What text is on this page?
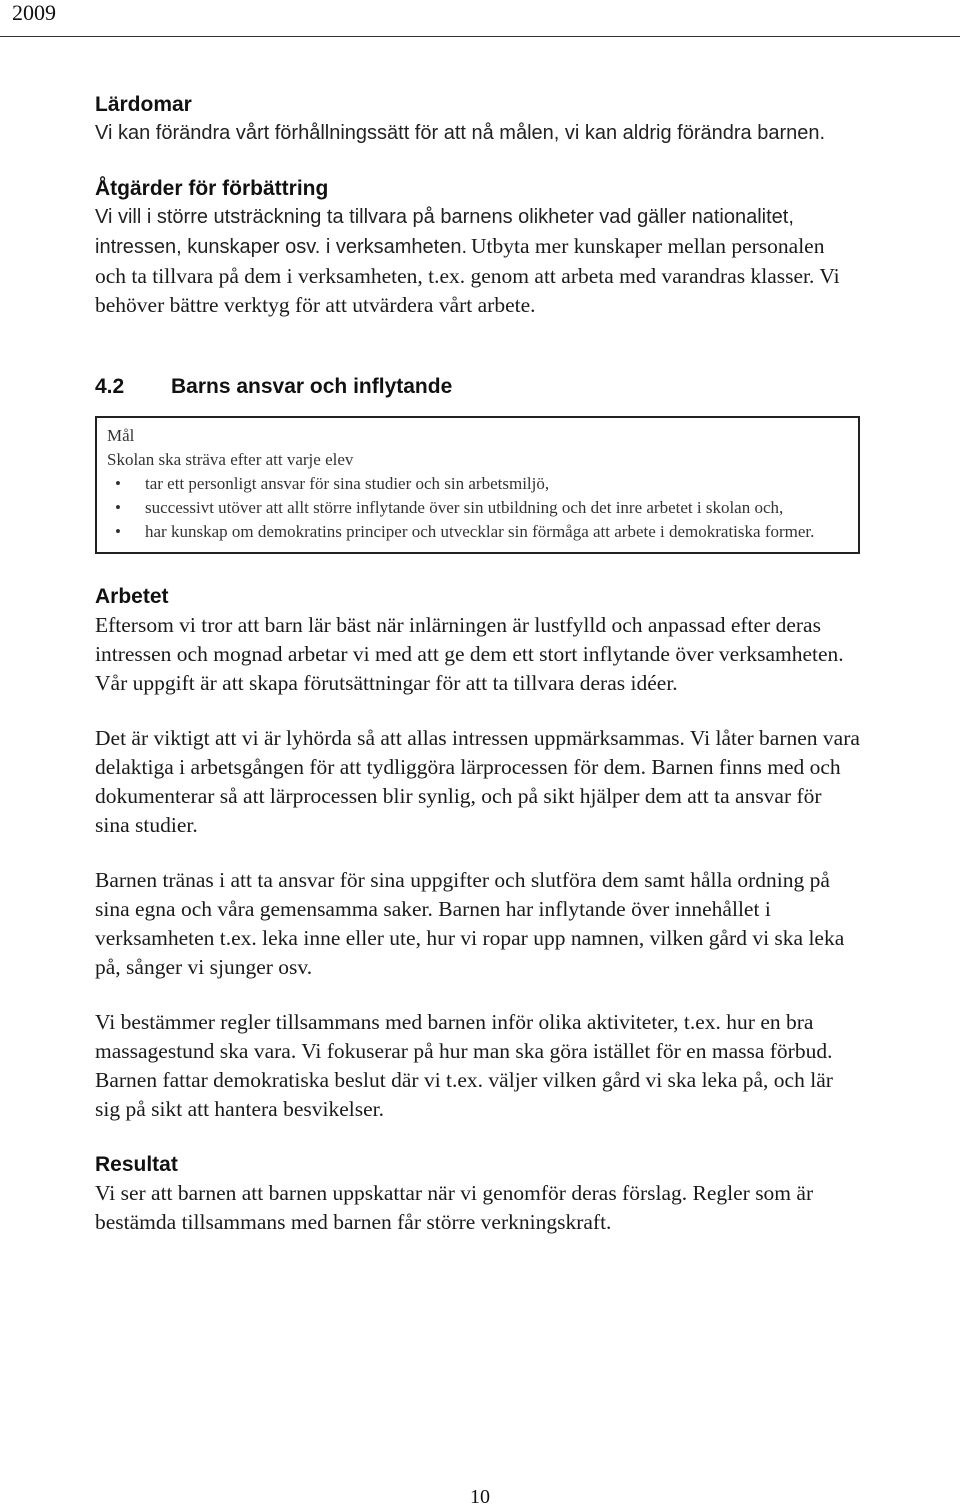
2009
Lärdomar

Vi kan förändra vårt förhållningssätt för att nå målen, vi kan aldrig förändra barnen.

Åtgärder för förbättring

Vi vill i större utsträckning ta tillvara på barnens olikheter vad gäller nationalitet, intressen, kunskaper osv. i verksamheten. Utbyta mer kunskaper mellan personalen och ta tillvara på dem i verksamheten, t.ex. genom att arbeta med varandras klasser. Vi behöver bättre verktyg för att utvärdera vårt arbete.

4.2 Barns ansvar och inflytande
Mål
Skolan ska sträva efter att varje elev
• tar ett personligt ansvar för sina studier och sin arbetsmiljö,
• successivt utöver att allt större inflytande över sin utbildning och det inre arbetet i skolan och,
• har kunskap om demokratins principer och utvecklar sin förmåga att arbete i demokratiska former.
Arbetet

Eftersom vi tror att barn lär bäst när inlärningen är lustfylld och anpassad efter deras intressen och mognad arbetar vi med att ge dem ett stort inflytande över verksamheten. Vår uppgift är att skapa förutsättningar för att ta tillvara deras idéer.

Det är viktigt att vi är lyhörda så att allas intressen uppmärksammas. Vi låter barnen vara delaktiga i arbetsgången för att tydliggöra lärprocessen för dem. Barnen finns med och dokumenterar så att lärprocessen blir synlig, och på sikt hjälper dem att ta ansvar för sina studier.

Barnen tränas i att ta ansvar för sina uppgifter och slutföra dem samt hålla ordning på sina egna och våra gemensamma saker. Barnen har inflytande över innehållet i verksamheten t.ex. leka inne eller ute, hur vi ropar upp namnen, vilken gård vi ska leka på, sånger vi sjunger osv.

Vi bestämmer regler tillsammans med barnen inför olika aktiviteter, t.ex. hur en bra massagestund ska vara. Vi fokuserar på hur man ska göra istället för en massa förbud. Barnen fattar demokratiska beslut där vi t.ex. väljer vilken gård vi ska leka på, och lär sig på sikt att hantera besvikelser.

Resultat

Vi ser att barnen att barnen uppskattar när vi genomför deras förslag. Regler som är bestämda tillsammans med barnen får större verkningskraft.

10
